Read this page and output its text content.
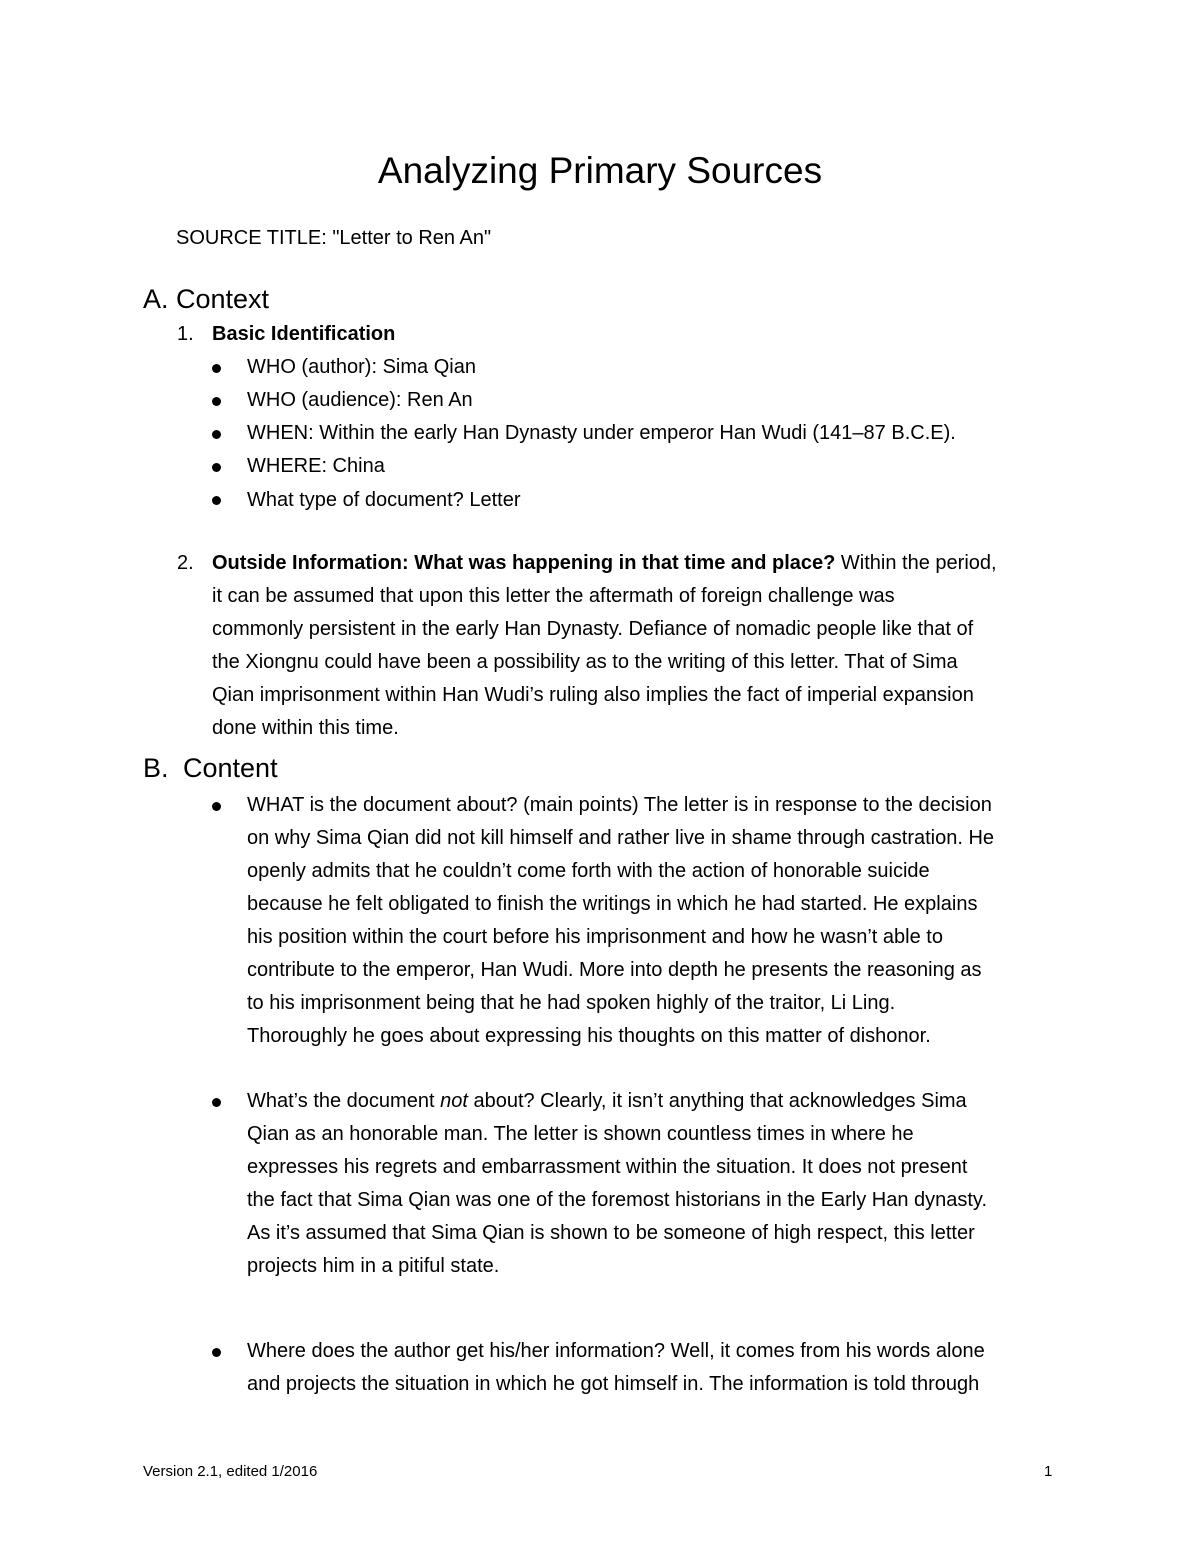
Analyzing Primary Sources
SOURCE TITLE: "Letter to Ren An"
A. Context
1. Basic Identification
WHO (author): Sima Qian
WHO (audience): Ren An
WHEN: Within the early Han Dynasty under emperor Han Wudi (141–87 B.C.E).
WHERE: China
What type of document? Letter
2. Outside Information: What was happening in that time and place? Within the period,
it can be assumed that upon this letter the aftermath of foreign challenge was
commonly persistent in the early Han Dynasty. Defiance of nomadic people like that of
the Xiongnu could have been a possibility as to the writing of this letter. That of Sima
Qian imprisonment within Han Wudi’s ruling also implies the fact of imperial expansion
done within this time.
B. Content
WHAT is the document about? (main points) The letter is in response to the decision
on why Sima Qian did not kill himself and rather live in shame through castration. He
openly admits that he couldn’t come forth with the action of honorable suicide
because he felt obligated to finish the writings in which he had started. He explains
his position within the court before his imprisonment and how he wasn’t able to
contribute to the emperor, Han Wudi. More into depth he presents the reasoning as
to his imprisonment being that he had spoken highly of the traitor, Li Ling.
Thoroughly he goes about expressing his thoughts on this matter of dishonor.
What’s the document not about? Clearly, it isn’t anything that acknowledges Sima
Qian as an honorable man. The letter is shown countless times in where he
expresses his regrets and embarrassment within the situation. It does not present
the fact that Sima Qian was one of the foremost historians in the Early Han dynasty.
As it’s assumed that Sima Qian is shown to be someone of high respect, this letter
projects him in a pitiful state.
Where does the author get his/her information? Well, it comes from his words alone
and projects the situation in which he got himself in. The information is told through
Version 2.1, edited 1/2016	1
